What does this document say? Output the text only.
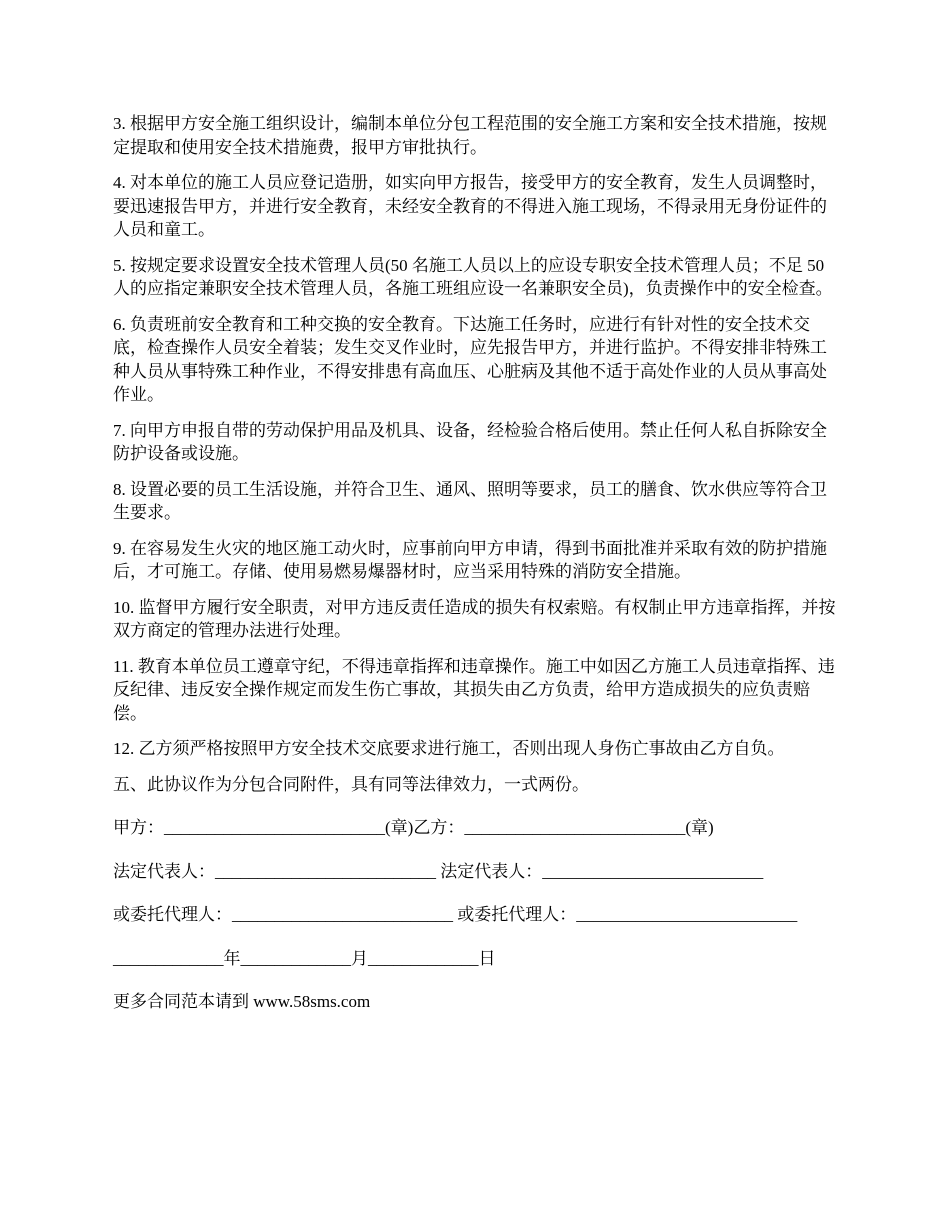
3. 根据甲方安全施工组织设计，编制本单位分包工程范围的安全施工方案和安全技术措施，按规定提取和使用安全技术措施费，报甲方审批执行。

4. 对本单位的施工人员应登记造册，如实向甲方报告，接受甲方的安全教育，发生人员调整时，要迅速报告甲方，并进行安全教育，未经安全教育的不得进入施工现场，不得录用无身份证件的人员和童工。

5. 按规定要求设置安全技术管理人员(50 名施工人员以上的应设专职安全技术管理人员；不足 50 人的应指定兼职安全技术管理人员，各施工班组应设一名兼职安全员)，负责操作中的安全检查。

6. 负责班前安全教育和工种交换的安全教育。下达施工任务时，应进行有针对性的安全技术交底，检查操作人员安全着装；发生交叉作业时，应先报告甲方，并进行监护。不得安排非特殊工种人员从事特殊工种作业，不得安排患有高血压、心脏病及其他不适于高处作业的人员从事高处作业。

7. 向甲方申报自带的劳动保护用品及机具、设备，经检验合格后使用。禁止任何人私自拆除安全防护设备或设施。

8. 设置必要的员工生活设施，并符合卫生、通风、照明等要求，员工的膳食、饮水供应等符合卫生要求。

9. 在容易发生火灾的地区施工动火时，应事前向甲方申请，得到书面批准并采取有效的防护措施后，才可施工。存储、使用易燃易爆器材时，应当采用特殊的消防安全措施。

10. 监督甲方履行安全职责，对甲方违反责任造成的损失有权索赔。有权制止甲方违章指挥，并按双方商定的管理办法进行处理。

11. 教育本单位员工遵章守纪，不得违章指挥和违章操作。施工中如因乙方施工人员违章指挥、违反纪律、违反安全操作规定而发生伤亡事故，其损失由乙方负责，给甲方造成损失的应负责赔偿。

12. 乙方须严格按照甲方安全技术交底要求进行施工，否则出现人身伤亡事故由乙方自负。

五、此协议作为分包合同附件，具有同等法律效力，一式两份。

甲方：__________________________(章)乙方：__________________________(章)

法定代表人：__________________________ 法定代表人：__________________________

或委托代理人：__________________________ 或委托代理人：__________________________

_____________年_____________月_____________日

更多合同范本请到 www.58sms.com
